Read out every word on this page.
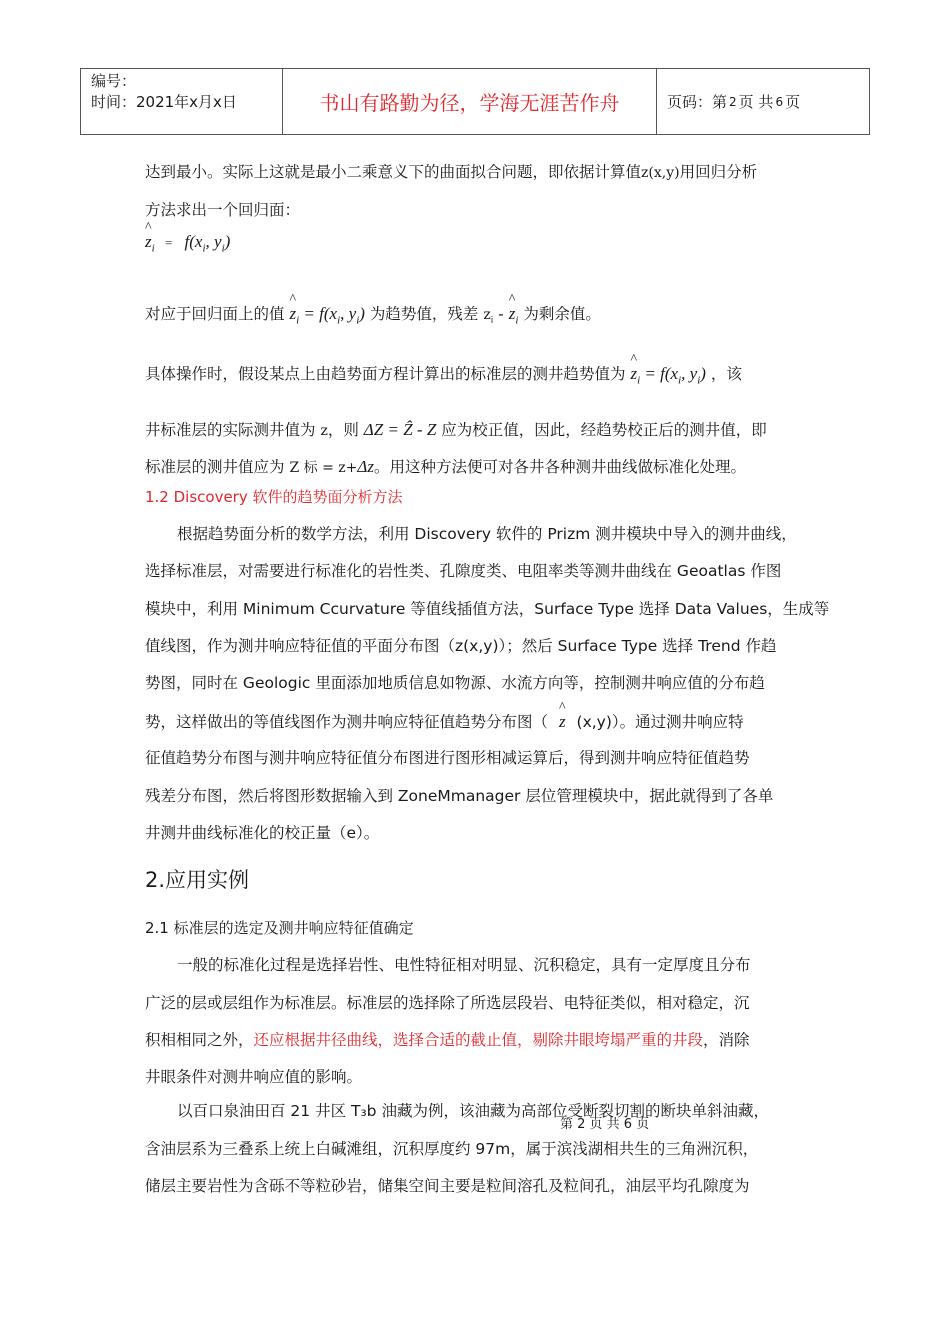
编号：
时间：2021年x月x日	书山有路勤为径，学海无涯苦作舟	页码：第 2 页 共 6 页
达到最小。实际上这就是最小二乘意义下的曲面拟合问题，即依据计算值z(x,y)用回归分析
方法求出一个回归面：
^ $z_i = f(x_i$, $y_i$)
对应于回归面上的值 ^ $z_i = f(x_i$, $y_i$) 为趋势值，残差 $z_i$ - ^ $z_i$ 为剩余值。
具体操作时，假设某点上由趋势面方程计算出的标准层的测井趋势值为 ^ $z_i = f(x_i$, $y_i$) ，该
井标准层的实际测井值为 z，则 ΔZ = Ẑ - Z 应为校正值，因此，经趋势校正后的测井值，即
标准层的测井值应为 Z 标 = z+Δz。用这种方法便可对各井各种测井曲线做标准化处理。
1.2 Discovery 软件的趋势面分析方法
根据趋势面分析的数学方法，利用 Discovery 软件的 Prizm 测井模块中导入的测井曲线，
选择标准层，对需要进行标准化的岩性类、孔隙度类、电阻率类等测井曲线在 Geoatlas 作图
模块中，利用 Minimum Ccurvature 等值线插值方法，Surface Type 选择 Data Values，生成等
值线图，作为测井响应特征值的平面分布图（z(x,y)）；然后 Surface Type 选择 Trend 作趋
势图，同时在 Geologic 里面添加地质信息如物源、水流方向等，控制测井响应值的分布趋
势，这样做出的等值线图作为测井响应特征值趋势分布图（ ^ z (x,y)）。通过测井响应特
征值趋势分布图与测井响应特征值分布图进行图形相减运算后，得到测井响应特征值趋势
残差分布图，然后将图形数据输入到 ZoneMmanager 层位管理模块中，据此就得到了各单
井测井曲线标准化的校正量（e）。
2.应用实例
2.1 标准层的选定及测井响应特征值确定
一般的标准化过程是选择岩性、电性特征相对明显、沉积稳定，具有一定厚度且分布
广泛的层或层组作为标准层。标准层的选择除了所选层段岩、电特征类似，相对稳定，沉
积相相同之外，还应根据井径曲线，选择合适的截止值，剔除井眼垮塌严重的井段，消除
井眼条件对测井响应值的影响。
以百口泉油田百 21 井区 T₃b 油藏为例，该油藏为高部位受断裂切割的断块单斜油藏，
含油层系为三叠系上统上白碱滩组，沉积厚度约 97m，属于滨浅湖相共生的三角洲沉积，
储层主要岩性为含砾不等粒砂岩，储集空间主要是粒间溶孔及粒间孔，油层平均孔隙度为
第 2 页 共 6 页
